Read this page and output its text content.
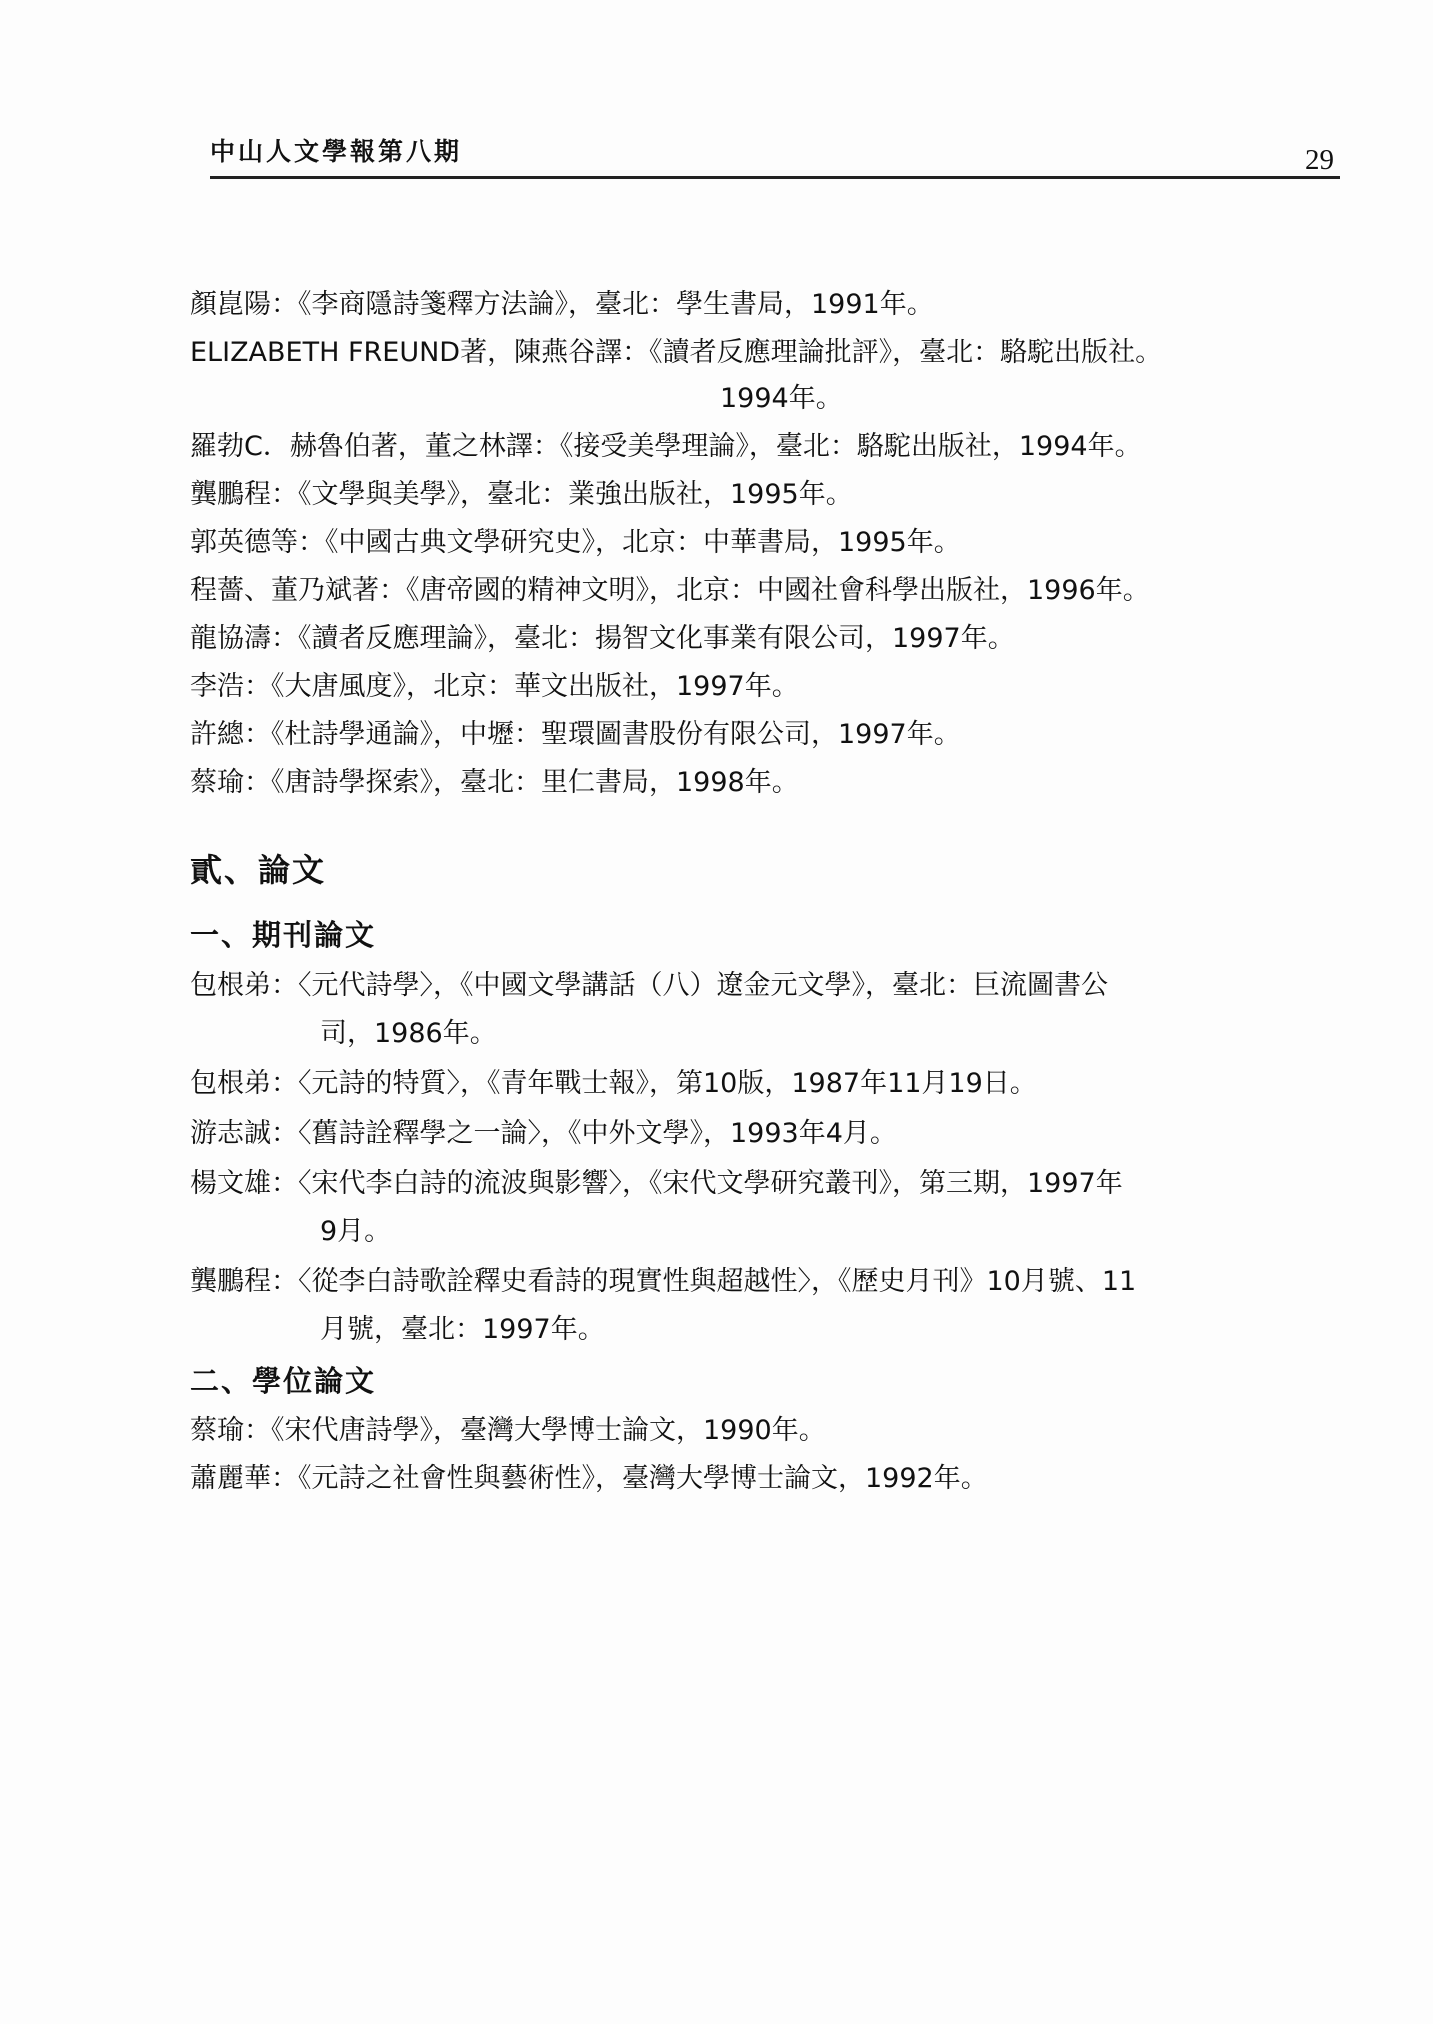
中山人文學報第八期	29
顏崑陽：《李商隱詩箋釋方法論》，臺北：學生書局，1991年。
ELIZABETH FREUND著，陳燕谷譯：《讀者反應理論批評》，臺北：駱駝出版社。
1994年。
羅勃C．赫魯伯著，董之林譯：《接受美學理論》，臺北：駱駝出版社，1994年。
龔鵬程：《文學與美學》，臺北：業強出版社，1995年。
郭英德等：《中國古典文學研究史》，北京：中華書局，1995年。
程薔、董乃斌著：《唐帝國的精神文明》，北京：中國社會科學出版社，1996年。
龍協濤：《讀者反應理論》，臺北：揚智文化事業有限公司，1997年。
李浩：《大唐風度》，北京：華文出版社，1997年。
許總：《杜詩學通論》，中壢：聖環圖書股份有限公司，1997年。
蔡瑜：《唐詩學探索》，臺北：里仁書局，1998年。
貳、論文
一、期刊論文
包根弟：〈元代詩學〉，《中國文學講話（八）遼金元文學》，臺北：巨流圖書公
司，1986年。
包根弟：〈元詩的特質〉，《青年戰士報》，第10版，1987年11月19日。
游志誠：〈舊詩詮釋學之一論〉，《中外文學》，1993年4月。
楊文雄：〈宋代李白詩的流波與影響〉，《宋代文學研究叢刊》，第三期，1997年
9月。
龔鵬程：〈從李白詩歌詮釋史看詩的現實性與超越性〉，《歷史月刊》10月號、11
月號，臺北：1997年。
二、學位論文
蔡瑜：《宋代唐詩學》，臺灣大學博士論文，1990年。
蕭麗華：《元詩之社會性與藝術性》，臺灣大學博士論文，1992年。
